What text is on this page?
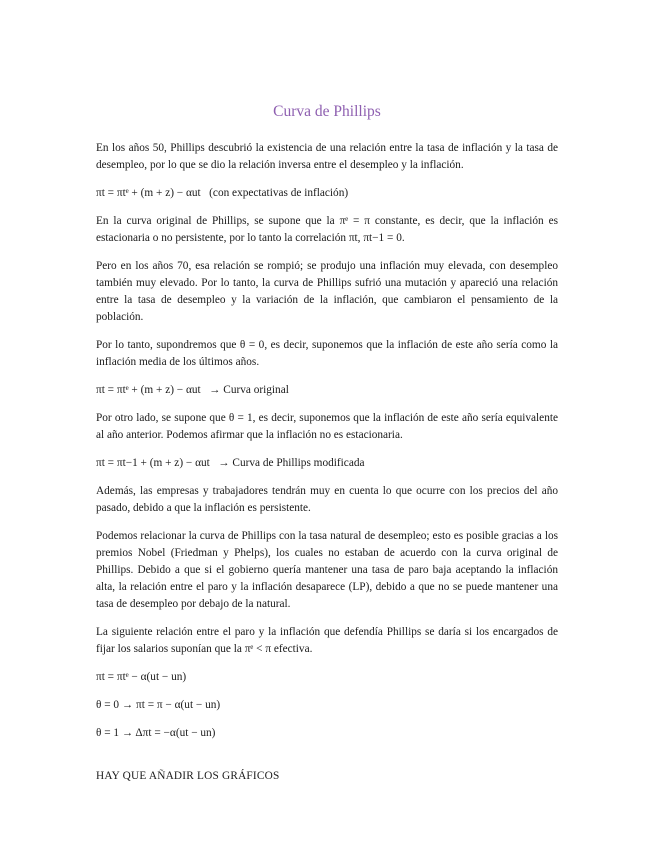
Curva de Phillips

En los años 50, Phillips descubrió la existencia de una relación entre la tasa de inflación y la tasa de desempleo, por lo que se dio la relación inversa entre el desempleo y la inflación.

πt = πtᵉ + (m + z) − αut   (con expectativas de inflación)

En la curva original de Phillips, se supone que la πᵉ = π constante, es decir, que la inflación es estacionaria o no persistente, por lo tanto la correlación πt, πt−1 = 0.

Pero en los años 70, esa relación se rompió; se produjo una inflación muy elevada, con desempleo también muy elevado. Por lo tanto, la curva de Phillips sufrió una mutación y apareció una relación entre la tasa de desempleo y la variación de la inflación, que cambiaron el pensamiento de la población.

Por lo tanto, supondremos que θ = 0, es decir, suponemos que la inflación de este año sería como la inflación media de los últimos años.

πt = πtᵉ + (m + z) − αut   → Curva original

Por otro lado, se supone que θ = 1, es decir, suponemos que la inflación de este año sería equivalente al año anterior. Podemos afirmar que la inflación no es estacionaria.

πt = πt−1 + (m + z) − αut   → Curva de Phillips modificada

Además, las empresas y trabajadores tendrán muy en cuenta lo que ocurre con los precios del año pasado, debido a que la inflación es persistente.

Podemos relacionar la curva de Phillips con la tasa natural de desempleo; esto es posible gracias a los premios Nobel (Friedman y Phelps), los cuales no estaban de acuerdo con la curva original de Phillips. Debido a que si el gobierno quería mantener una tasa de paro baja aceptando la inflación alta, la relación entre el paro y la inflación desaparece (LP), debido a que no se puede mantener una tasa de desempleo por debajo de la natural.

La siguiente relación entre el paro y la inflación que defendía Phillips se daría si los encargados de fijar los salarios suponían que la πᵉ < π efectiva.

πt = πtᵉ − α(ut − un)

θ = 0 → πt = π − α(ut − un)

θ = 1 → Δπt = −α(ut − un)

HAY QUE AÑADIR LOS GRÁFICOS
